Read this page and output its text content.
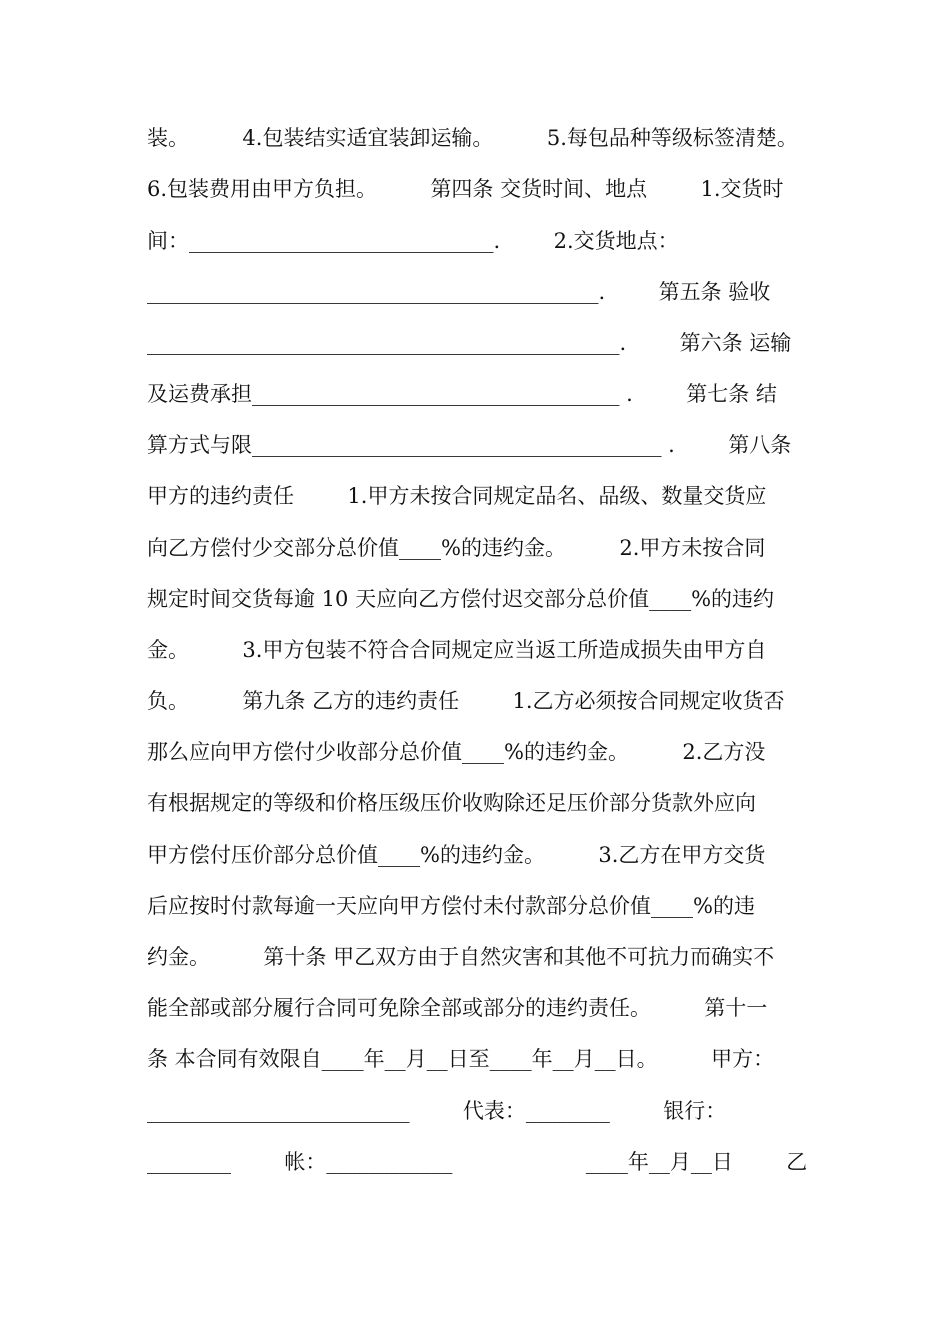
装。        4.包装结实适宜装卸运输。        5.每包品种等级标签清楚。
6.包装费用由甲方负担。        第四条 交货时间、地点        1.交货时
间：_____________________________.        2.交货地点：
___________________________________________.        第五条 验收
_____________________________________________.        第六条 运输
及运费承担___________________________________ .        第七条 结
算方式与限_______________________________________ .        第八条
甲方的违约责任        1.甲方未按合同规定品名、品级、数量交货应
向乙方偿付少交部分总价值____%的违约金。        2.甲方未按合同
规定时间交货每逾 10 天应向乙方偿付迟交部分总价值____%的违约
金。        3.甲方包装不符合合同规定应当返工所造成损失由甲方自
负。        第九条 乙方的违约责任        1.乙方必须按合同规定收货否
那么应向甲方偿付少收部分总价值____%的违约金。        2.乙方没
有根据规定的等级和价格压级压价收购除还足压价部分货款外应向
甲方偿付压价部分总价值____%的违约金。        3.乙方在甲方交货
后应按时付款每逾一天应向甲方偿付未付款部分总价值____%的违
约金。        第十条 甲乙双方由于自然灾害和其他不可抗力而确实不
能全部或部分履行合同可免除全部或部分的违约责任。        第十一
条 本合同有效限自____年__月__日至____年__月__日。        甲方：
_________________________        代表：________        银行：
________        帐：____________                    ____年__月__日        乙
